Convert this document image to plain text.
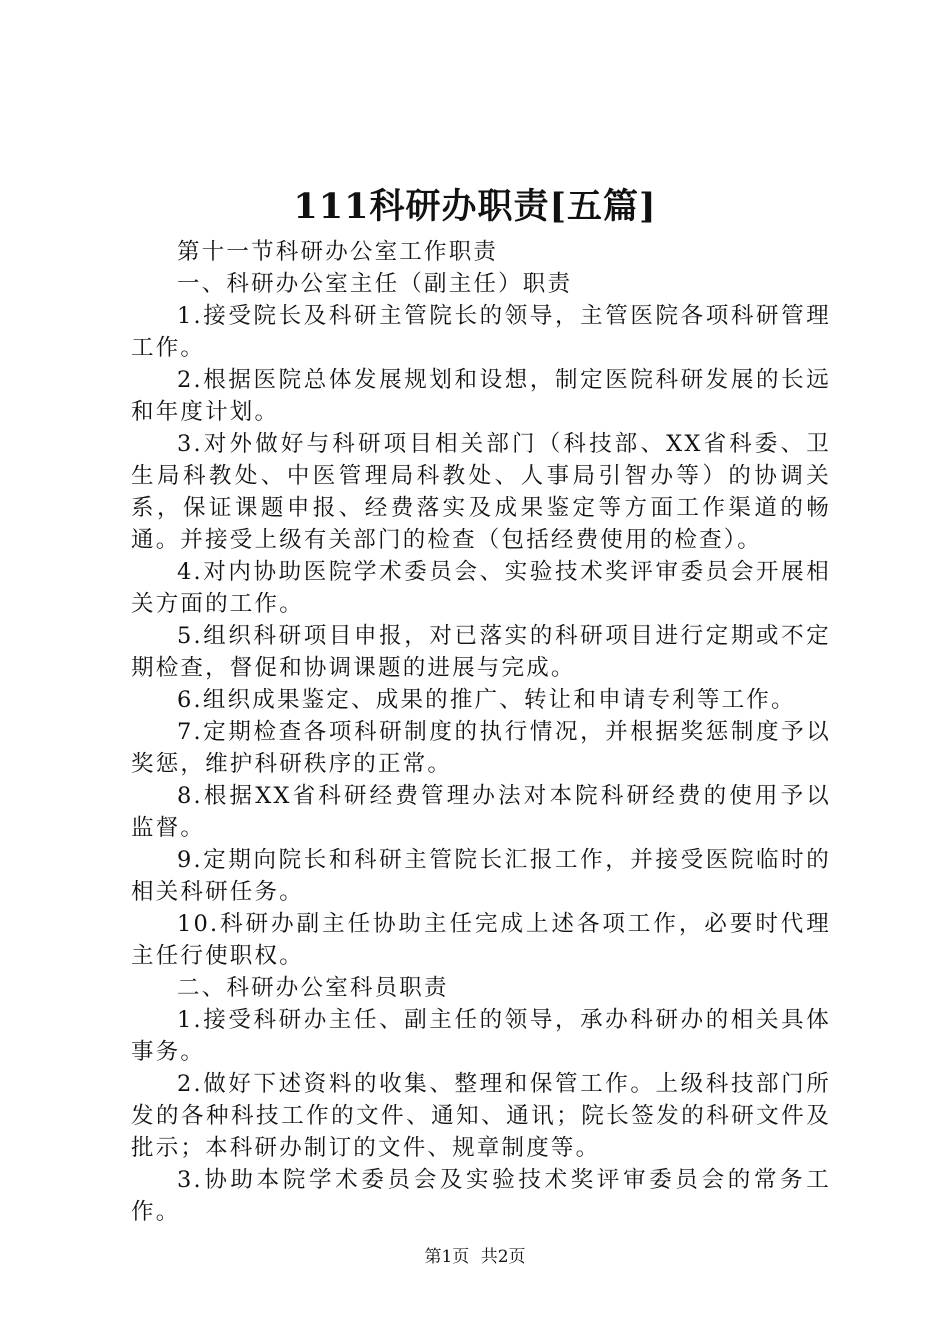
111科研办职责[五篇]

第十一节科研办公室工作职责

一、科研办公室主任（副主任）职责

1.接受院长及科研主管院长的领导，主管医院各项科研管理工作。

2.根据医院总体发展规划和设想，制定医院科研发展的长远和年度计划。

3.对外做好与科研项目相关部门（科技部、XX省科委、卫生局科教处、中医管理局科教处、人事局引智办等）的协调关系，保证课题申报、经费落实及成果鉴定等方面工作渠道的畅通。并接受上级有关部门的检查（包括经费使用的检查）。

4.对内协助医院学术委员会、实验技术奖评审委员会开展相关方面的工作。

5.组织科研项目申报，对已落实的科研项目进行定期或不定期检查，督促和协调课题的进展与完成。

6.组织成果鉴定、成果的推广、转让和申请专利等工作。

7.定期检查各项科研制度的执行情况，并根据奖惩制度予以奖惩，维护科研秩序的正常。

8.根据XX省科研经费管理办法对本院科研经费的使用予以监督。

9.定期向院长和科研主管院长汇报工作，并接受医院临时的相关科研任务。

10.科研办副主任协助主任完成上述各项工作，必要时代理主任行使职权。

二、科研办公室科员职责

1.接受科研办主任、副主任的领导，承办科研办的相关具体事务。

2.做好下述资料的收集、整理和保管工作。上级科技部门所发的各种科技工作的文件、通知、通讯；院长签发的科研文件及批示；本科研办制订的文件、规章制度等。

3.协助本院学术委员会及实验技术奖评审委员会的常务工作。

第1页 共2页
